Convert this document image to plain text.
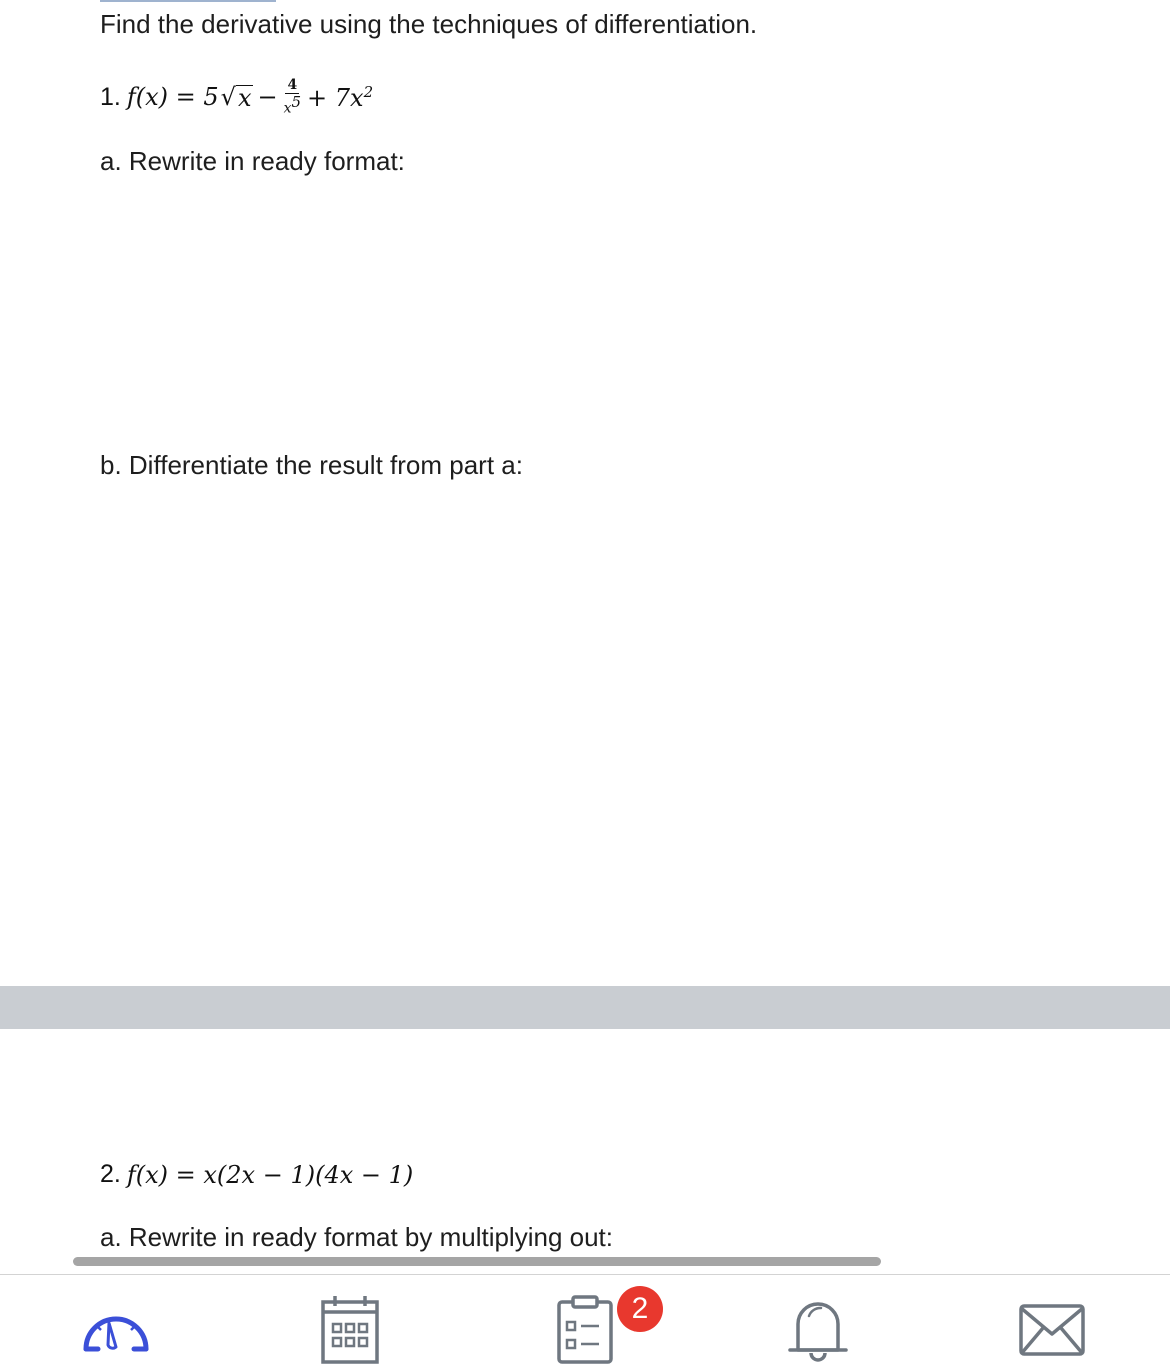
Find the derivative using the techniques of differentiation.
1. f(x) = 5 √ $x - \frac{4}{x^5} + 7x^2$
a. Rewrite in ready format:
b. Differentiate the result from part a:
2. f(x) = x(2x − 1)(4x − 1)
a. Rewrite in ready format by multiplying out:
2
